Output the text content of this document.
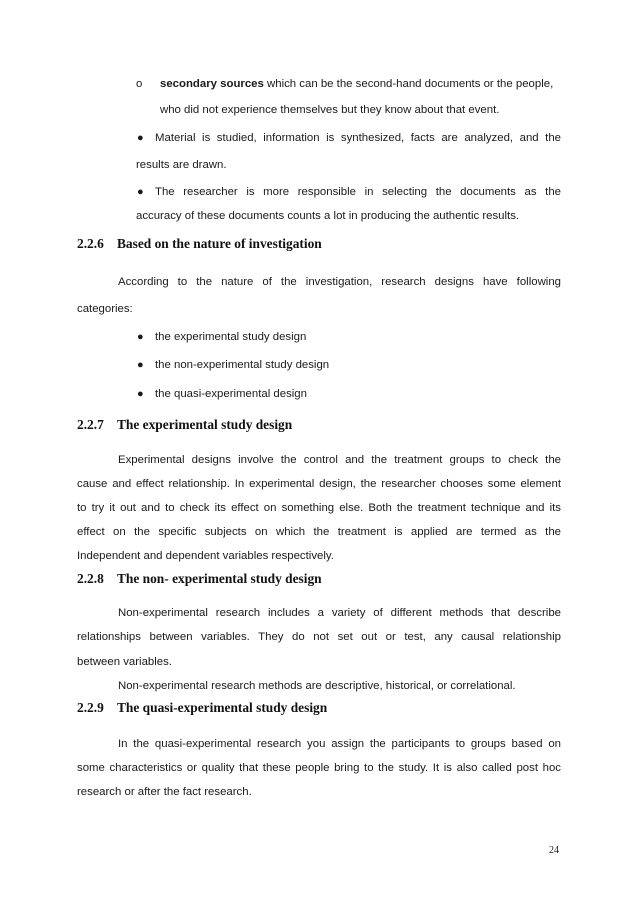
o secondary sources which can be the second-hand documents or the people,
who did not experience themselves but they know about that event.
● Material is studied, information is synthesized, facts are analyzed, and the
results are drawn.
● The researcher is more responsible in selecting the documents as the
accuracy of these documents counts a lot in producing the authentic results.
2.2.6 Based on the nature of investigation
According to the nature of the investigation, research designs have following
categories:
● the experimental study design
● the non-experimental study design
● the quasi-experimental design
2.2.7 The experimental study design
Experimental designs involve the control and the treatment groups to check the
cause and effect relationship. In experimental design, the researcher chooses some element
to try it out and to check its effect on something else. Both the treatment technique and its
effect on the specific subjects on which the treatment is applied are termed as the
Independent and dependent variables respectively.
2.2.8 The non- experimental study design
Non-experimental research includes a variety of different methods that describe
relationships between variables. They do not set out or test, any causal relationship
between variables.
Non-experimental research methods are descriptive, historical, or correlational.
2.2.9 The quasi-experimental study design
In the quasi-experimental research you assign the participants to groups based on
some characteristics or quality that these people bring to the study. It is also called post hoc
research or after the fact research.
24
